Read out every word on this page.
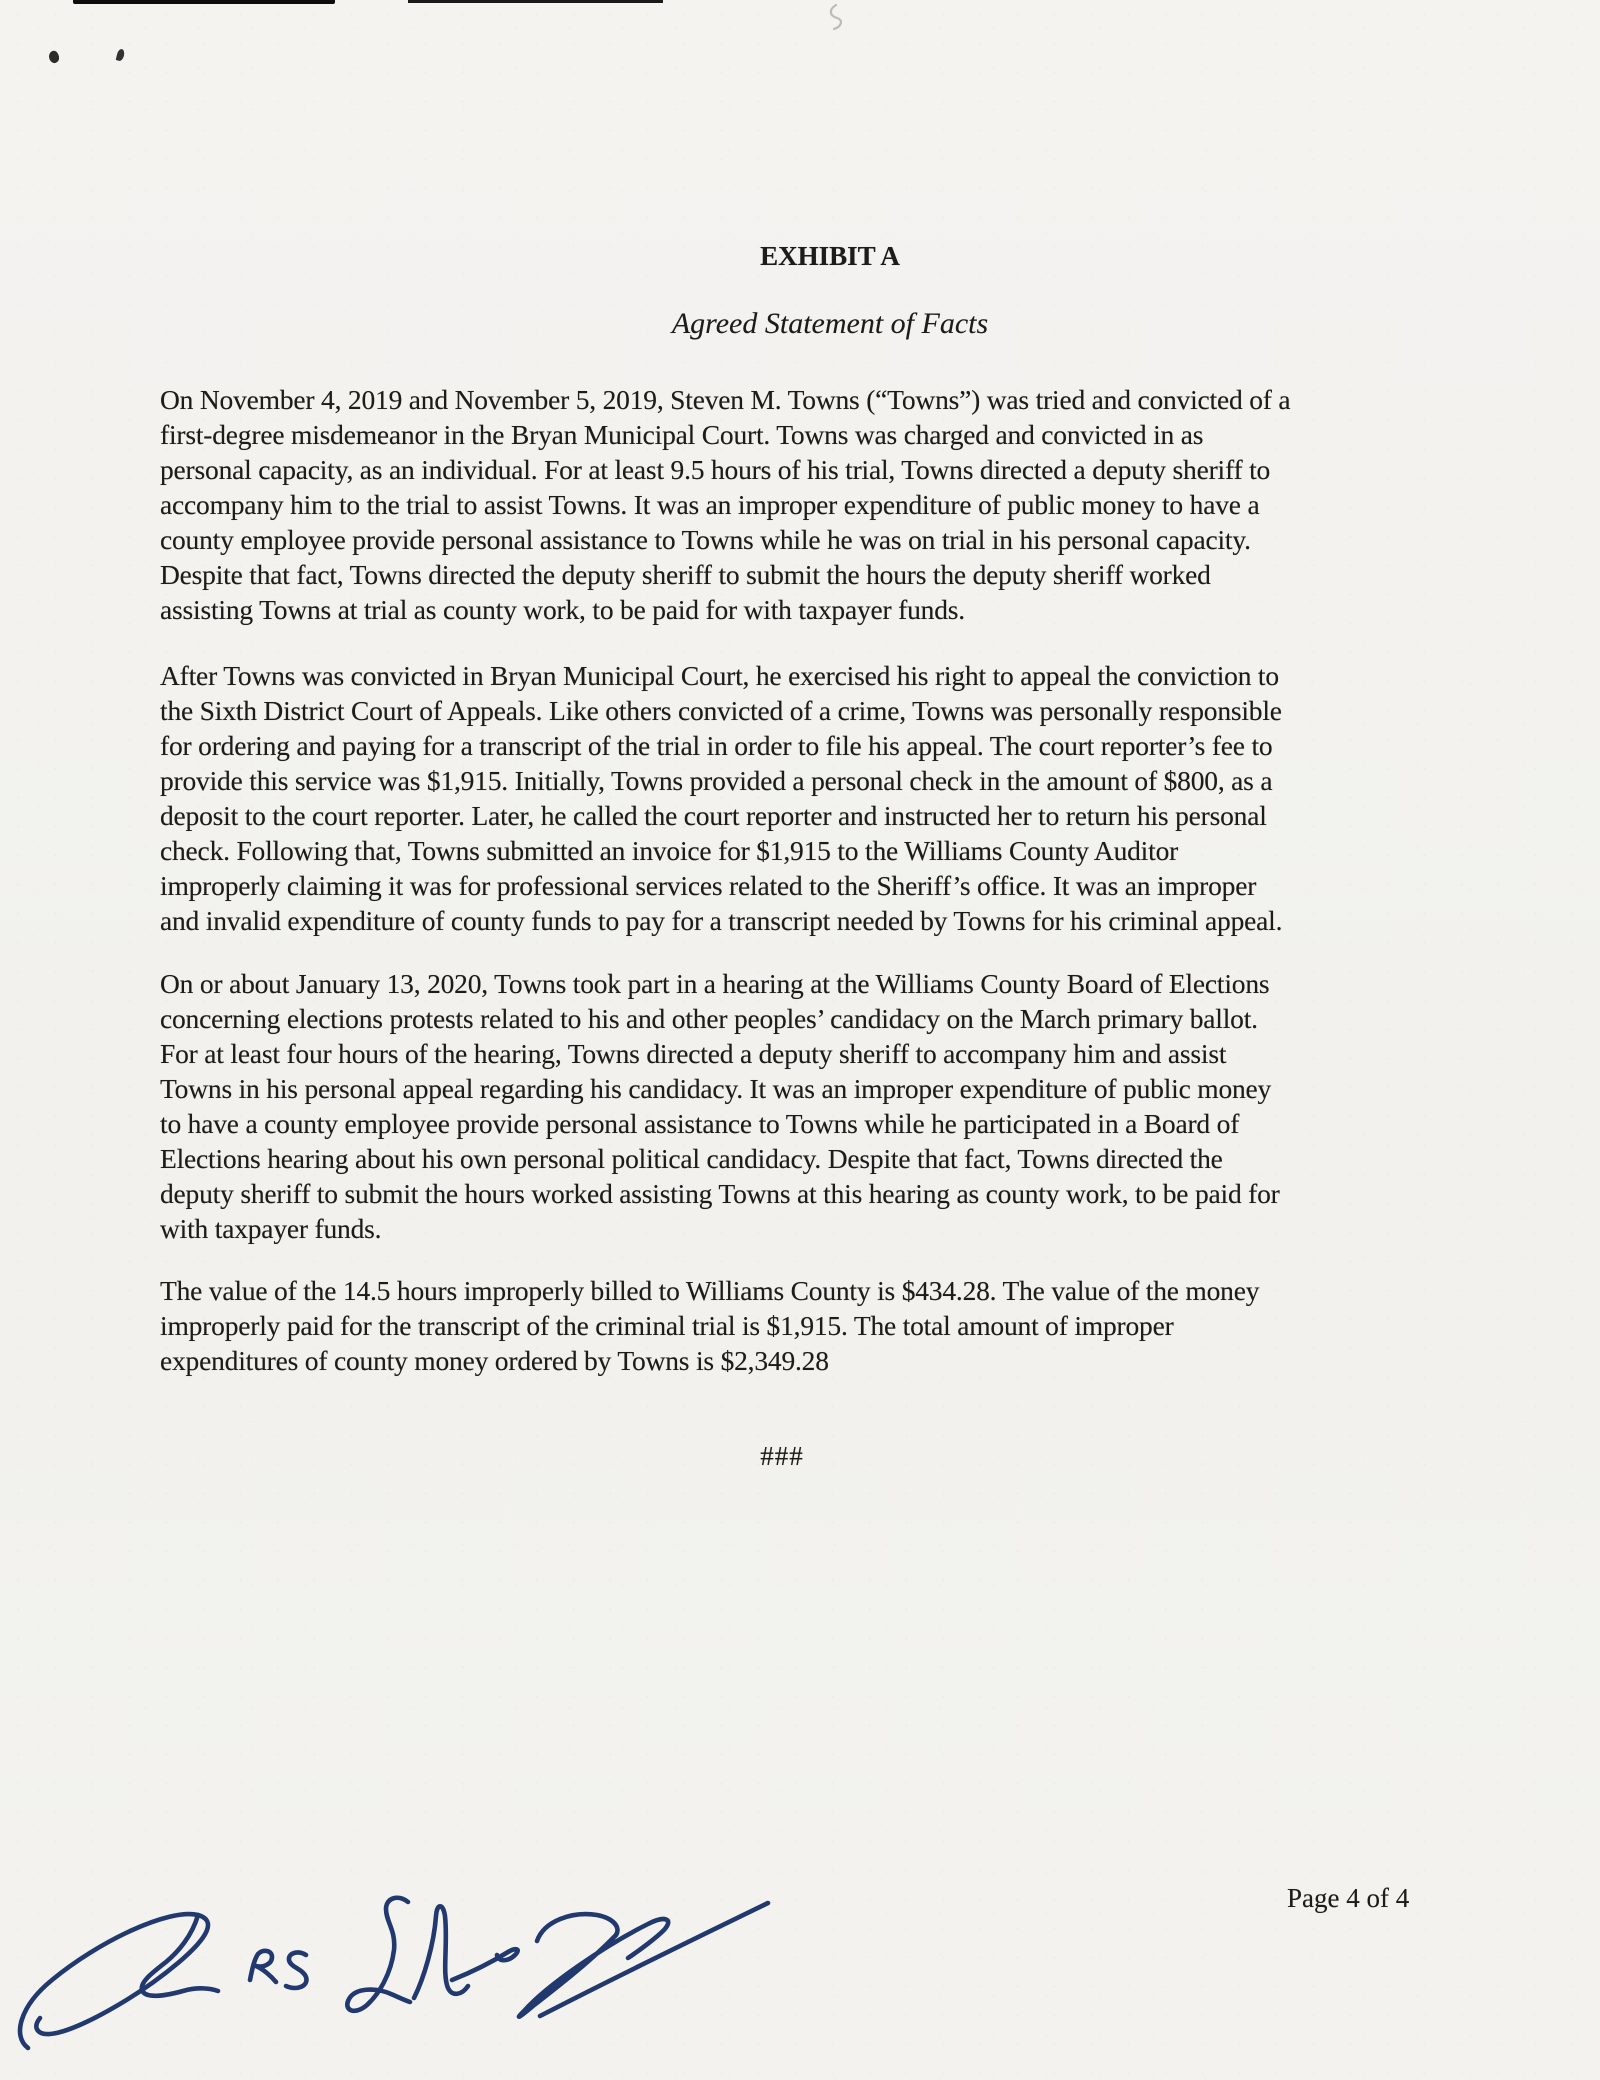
EXHIBIT A
Agreed Statement of Facts
On November 4, 2019 and November 5, 2019, Steven M. Towns (“Towns”) was tried and convicted of a
first-degree misdemeanor in the Bryan Municipal Court. Towns was charged and convicted in as
personal capacity, as an individual. For at least 9.5 hours of his trial, Towns directed a deputy sheriff to
accompany him to the trial to assist Towns. It was an improper expenditure of public money to have a
county employee provide personal assistance to Towns while he was on trial in his personal capacity.
Despite that fact, Towns directed the deputy sheriff to submit the hours the deputy sheriff worked
assisting Towns at trial as county work, to be paid for with taxpayer funds.
After Towns was convicted in Bryan Municipal Court, he exercised his right to appeal the conviction to
the Sixth District Court of Appeals. Like others convicted of a crime, Towns was personally responsible
for ordering and paying for a transcript of the trial in order to file his appeal. The court reporter’s fee to
provide this service was $1,915. Initially, Towns provided a personal check in the amount of $800, as a
deposit to the court reporter. Later, he called the court reporter and instructed her to return his personal
check. Following that, Towns submitted an invoice for $1,915 to the Williams County Auditor
improperly claiming it was for professional services related to the Sheriff’s office. It was an improper
and invalid expenditure of county funds to pay for a transcript needed by Towns for his criminal appeal.
On or about January 13, 2020, Towns took part in a hearing at the Williams County Board of Elections
concerning elections protests related to his and other peoples’ candidacy on the March primary ballot.
For at least four hours of the hearing, Towns directed a deputy sheriff to accompany him and assist
Towns in his personal appeal regarding his candidacy. It was an improper expenditure of public money
to have a county employee provide personal assistance to Towns while he participated in a Board of
Elections hearing about his own personal political candidacy. Despite that fact, Towns directed the
deputy sheriff to submit the hours worked assisting Towns at this hearing as county work, to be paid for
with taxpayer funds.
The value of the 14.5 hours improperly billed to Williams County is $434.28. The value of the money
improperly paid for the transcript of the criminal trial is $1,915. The total amount of improper
expenditures of county money ordered by Towns is $2,349.28
###
Page 4 of 4
